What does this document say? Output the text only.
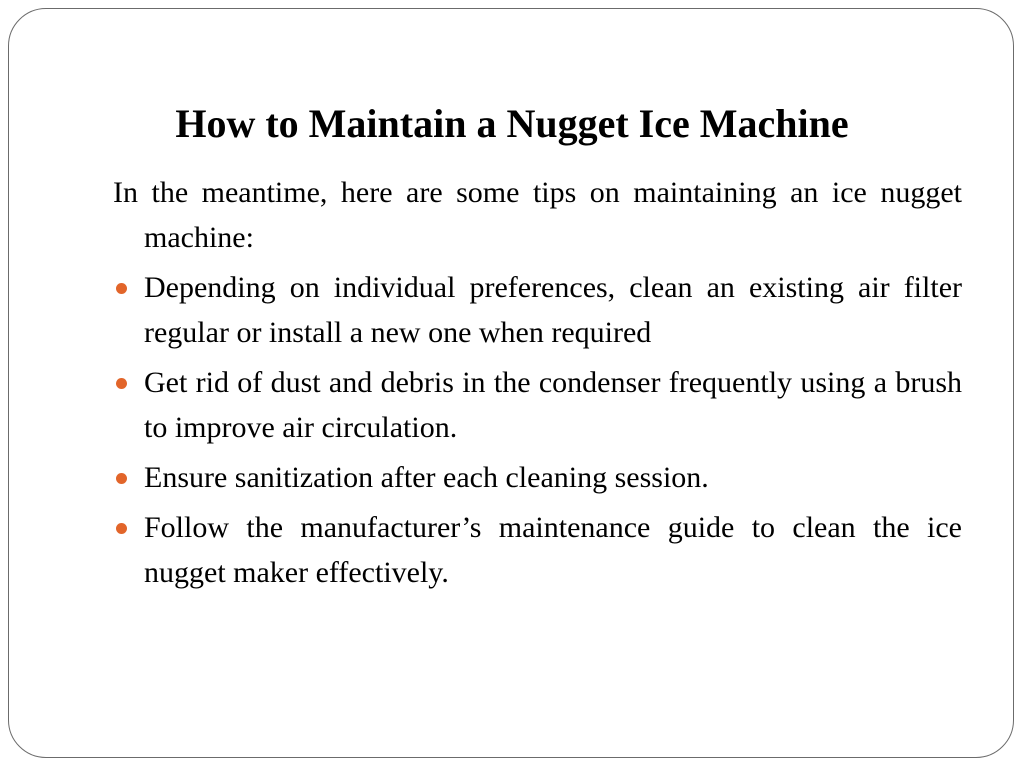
How to Maintain a Nugget Ice Machine

In the meantime, here are some tips on maintaining an ice nugget machine:

Depending on individual preferences, clean an existing air filter regular or install a new one when required
Get rid of dust and debris in the condenser frequently using a brush to improve air circulation.
Ensure sanitization after each cleaning session.
Follow the manufacturer’s maintenance guide to clean the ice nugget maker effectively.
